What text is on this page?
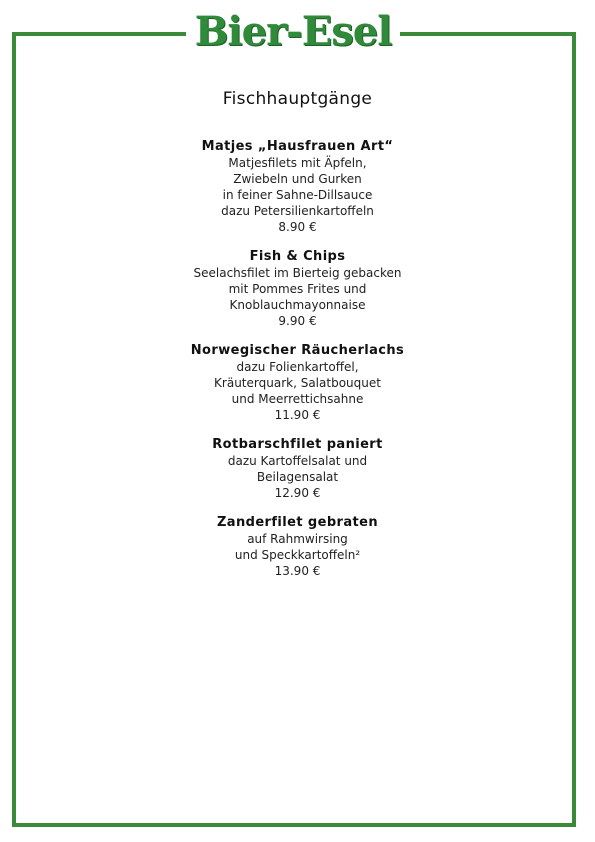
Bier-Esel
Fischhauptgänge
Matjes „Hausfrauen Art“
Matjesfilets mit Äpfeln,
Zwiebeln und Gurken
in feiner Sahne-Dillsauce
dazu Petersilienkartoffeln
8.90 €
Fish & Chips
Seelachsfilet im Bierteig gebacken
mit Pommes Frites und
Knoblauchmayonnaise
9.90 €
Norwegischer Räucherlachs
dazu Folienkartoffel,
Kräuterquark, Salatbouquet
und Meerrettichsahne
11.90 €
Rotbarschfilet paniert
dazu Kartoffelsalat und
Beilagensalat
12.90 €
Zanderfilet gebraten
auf Rahmwirsing
und Speckkartoffeln²
13.90 €
